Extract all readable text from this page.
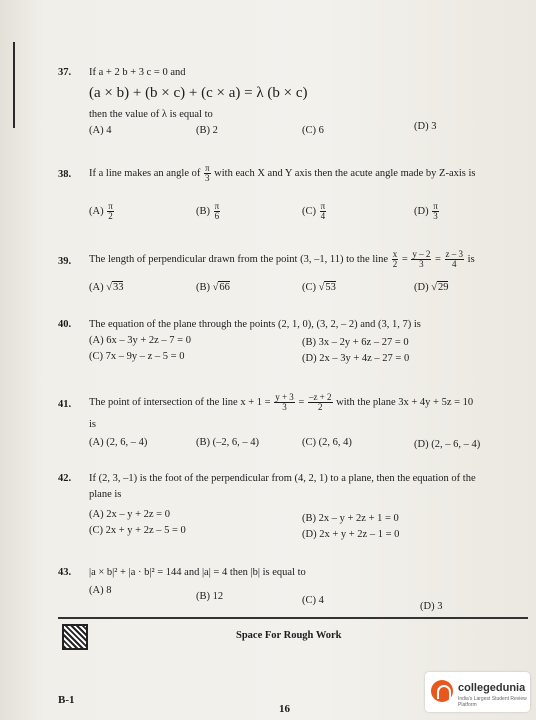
37. If a + 2 b + 3 c = 0 and
(a × b) + (b × c) + (c × a) = λ (b × c)
then the value of λ is equal to
(A) 4	(B) 2	(C) 6	(D) 3
38. If a line makes an angle of $\frac{\pi}{3}$ with each X and Y axis then the acute angle made by Z-axis is
$(A) \frac{\pi}{2}$	$(B) \frac{\pi}{6}$	$(C) \frac{\pi}{4}$	$(D) \frac{\pi}{3}$
39. The length of perpendicular drawn from the point (3, –1, 11) to the line $\frac{x}{2} = \frac{y - 2}{3} = \frac{z - 3}{4}$ is
(A) √33	(B) √66	(C) √53	(D) √29
40. The equation of the plane through the points (2, 1, 0), (3, 2, – 2) and (3, 1, 7) is
(A) 6x – 3y + 2z – 7 = 0	(B) 3x – 2y + 6z – 27 = 0
(C) 7x – 9y – z – 5 = 0	(D) 2x – 3y + 4z – 27 = 0
41. The point of intersection of the line $x + 1 = \frac{y + 3}{3} = \frac{-z + 2}{2}$ with the plane 3x + 4y + 5z = 10
is
(A) (2, 6, – 4)	(B) (–2, 6, – 4)	(C) (2, 6, 4)	(D) (2, – 6, – 4)
42. If (2, 3, –1) is the foot of the perpendicular from (4, 2, 1) to a plane, then the equation of the
plane is
(A) 2x – y + 2z = 0	(B) 2x – y + 2z + 1 = 0
(C) 2x + y + 2z – 5 = 0	(D) 2x + y + 2z – 1 = 0
43. |a × b|² + |a · b|² = 144 and |a| = 4 then |b| is equal to
(A) 8
(B) 12	(C) 4
(D) 3
Space For Rough Work
B-1
16
collegedunia
India's Largest Student Review Platform
